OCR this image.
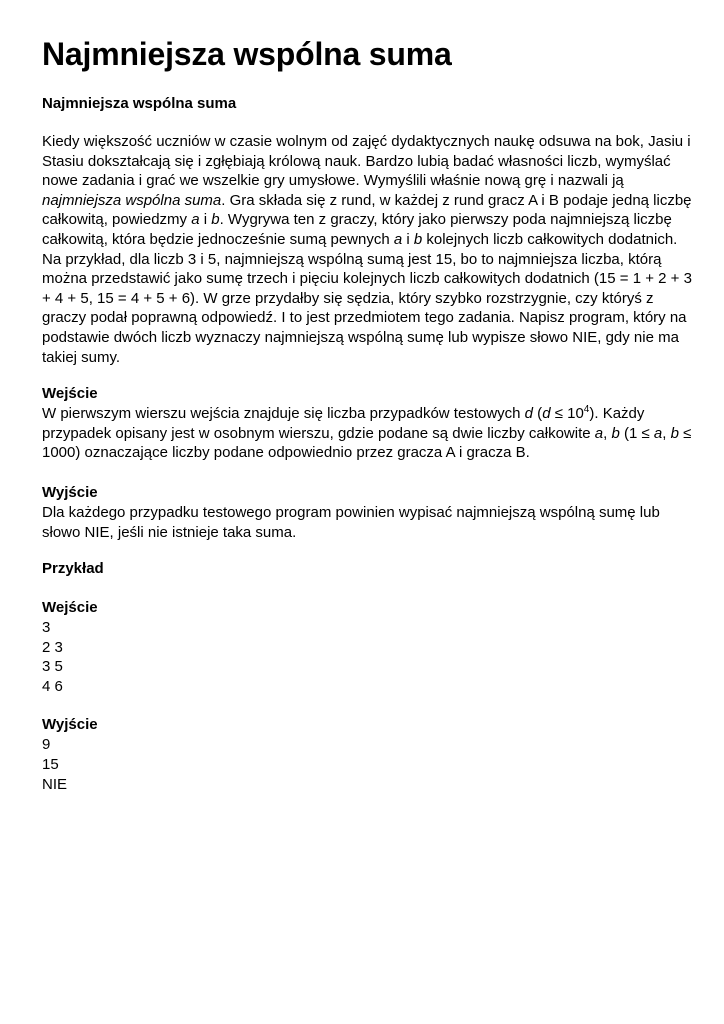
Najmniejsza wspólna suma
Najmniejsza wspólna suma

Kiedy większość uczniów w czasie wolnym od zajęć dydaktycznych naukę odsuwa na bok, Jasiu i Stasiu dokształcają się i zgłębiają królową nauk. Bardzo lubią badać własności liczb, wymyślać nowe zadania i grać we wszelkie gry umysłowe. Wymyślili właśnie nową grę i nazwali ją najmniejsza wspólna suma. Gra składa się z rund, w każdej z rund gracz A i B podaje jedną liczbę całkowitą, powiedzmy a i b. Wygrywa ten z graczy, który jako pierwszy poda najmniejszą liczbę całkowitą, która będzie jednocześnie sumą pewnych a i b kolejnych liczb całkowitych dodatnich. Na przykład, dla liczb 3 i 5, najmniejszą wspólną sumą jest 15, bo to najmniejsza liczba, którą można przedstawić jako sumę trzech i pięciu kolejnych liczb całkowitych dodatnich (15 = 1 + 2 + 3 + 4 + 5, 15 = 4 + 5 + 6). W grze przydałby się sędzia, który szybko rozstrzygnie, czy któryś z graczy podał poprawną odpowiedź. I to jest przedmiotem tego zadania. Napisz program, który na podstawie dwóch liczb wyznaczy najmniejszą wspólną sumę lub wypisze słowo NIE, gdy nie ma takiej sumy.

Wejście

W pierwszym wierszu wejścia znajduje się liczba przypadków testowych d $(d \le 10^4)$. Każdy przypadek opisany jest w osobnym wierszu, gdzie podane są dwie liczby całkowite a, b (1 ≤ a, b ≤ 1000) oznaczające liczby podane odpowiednio przez gracza A i gracza B.

Wyjście

Dla każdego przypadku testowego program powinien wypisać najmniejszą wspólną sumę lub słowo NIE, jeśli nie istnieje taka suma.

Przykład
Wejście
3
2 3
3 5
4 6
Wyjście
9
15
NIE
